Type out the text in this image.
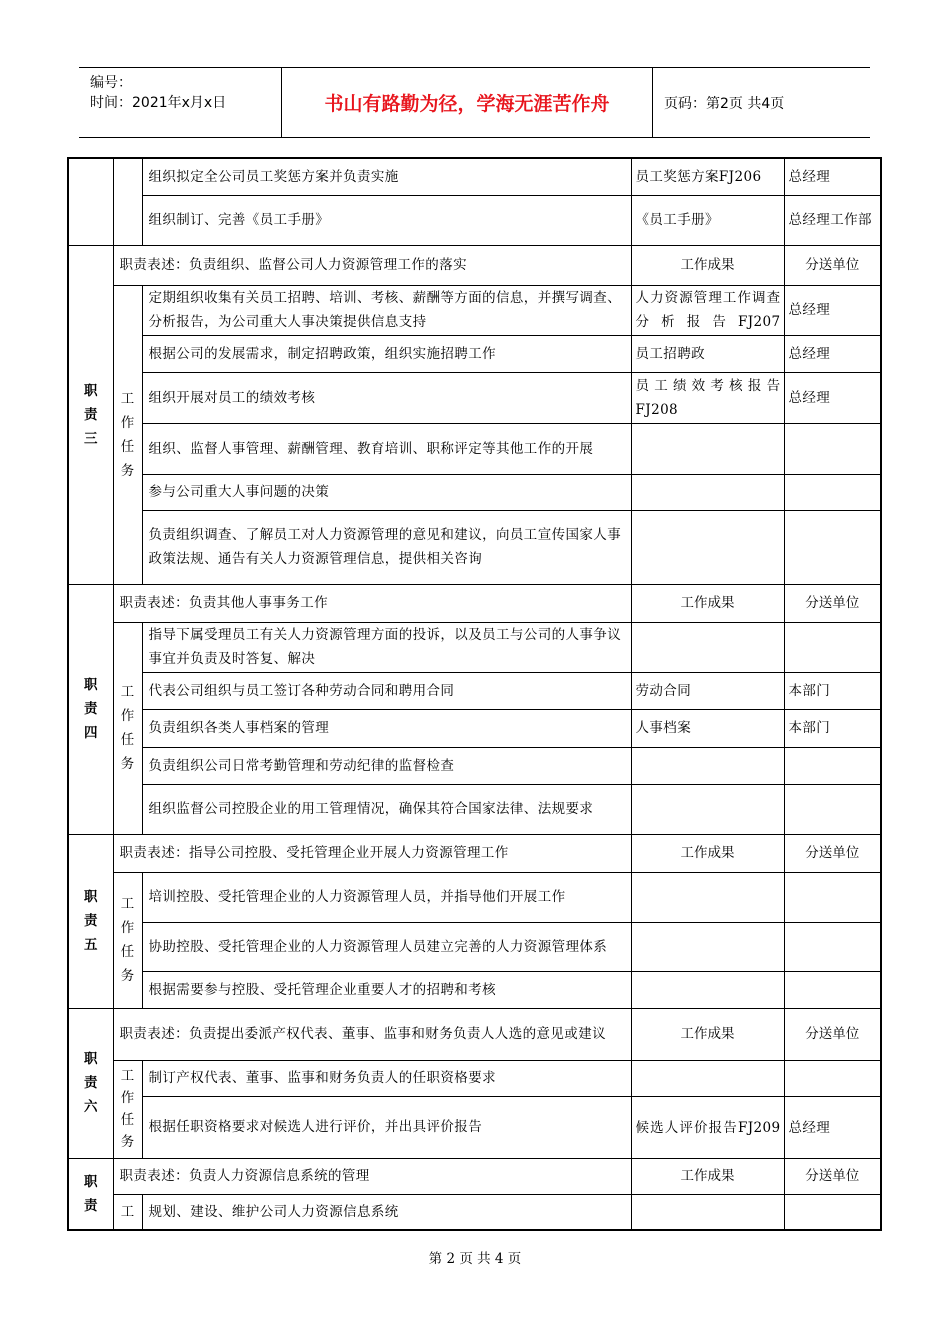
编号：
时间：2021年x月x日	书山有路勤为径，学海无涯苦作舟	页码：第2页 共4页
		组织拟定全公司员工奖惩方案并负责实施	员工奖惩方案FJ206	总经理
		组织制订、完善《员工手册》	《员工手册》	总经理工作部
职责三	职责表述：负责组织、监督公司人力资源管理工作的落实		工作成果	分送单位
	工作任务	定期组织收集有关员工招聘、培训、考核、薪酬等方面的信息，并撰写调查、分析报告，为公司重大人事决策提供信息支持	人力资源管理工作调查分析报告FJ207	总经理
		根据公司的发展需求，制定招聘政策，组织实施招聘工作	员工招聘政	总经理
		组织开展对员工的绩效考核	员工绩效考核报告FJ208	总经理
		组织、监督人事管理、薪酬管理、教育培训、职称评定等其他工作的开展		
		参与公司重大人事问题的决策		
		负责组织调查、了解员工对人力资源管理的意见和建议，向员工宣传国家人事政策法规、通告有关人力资源管理信息，提供相关咨询		
职责四	职责表述：负责其他人事事务工作		工作成果	分送单位
	工作任务	指导下属受理员工有关人力资源管理方面的投诉，以及员工与公司的人事争议事宜并负责及时答复、解决		
		代表公司组织与员工签订各种劳动合同和聘用合同	劳动合同	本部门
		负责组织各类人事档案的管理	人事档案	本部门
		负责组织公司日常考勤管理和劳动纪律的监督检查		
		组织监督公司控股企业的用工管理情况，确保其符合国家法律、法规要求		
职责五	职责表述：指导公司控股、受托管理企业开展人力资源管理工作		工作成果	分送单位
	工作任务	培训控股、受托管理企业的人力资源管理人员，并指导他们开展工作		
		协助控股、受托管理企业的人力资源管理人员建立完善的人力资源管理体系		
		根据需要参与控股、受托管理企业重要人才的招聘和考核		
职责六	职责表述：负责提出委派产权代表、董事、监事和财务负责人人选的意见或建议		工作成果	分送单位
	工作任务	制订产权代表、董事、监事和财务负责人的任职资格要求		
		根据任职资格要求对候选人进行评价，并出具评价报告	候选人评价报告FJ209	总经理
职责	职责表述：负责人力资源信息系统的管理		工作成果	分送单位
	工	规划、建设、维护公司人力资源信息系统		
第 2 页 共 4 页
